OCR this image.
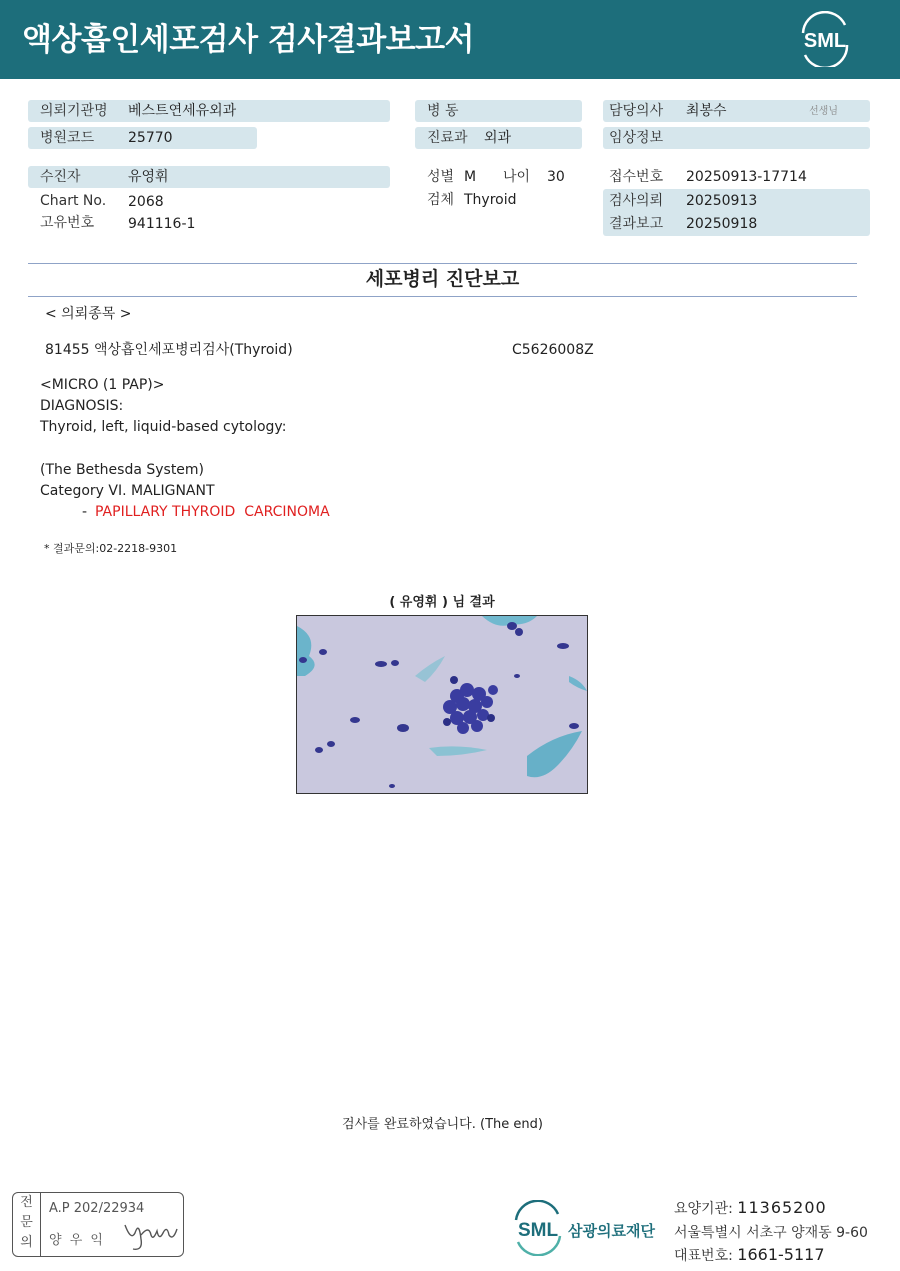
액상흡인세포검사 검사결과보고서	SML
의뢰기관명 베스트연세유외과
병원코드 25770
수진자	유영휘
Chart No. 2068
고유번호 941116-1
병 동
진료과 외과
성별 M 나이 30
검체 Thyroid
담당의사 최봉수	선생님
임상정보
접수번호 20250913-17714
검사의뢰 20250913
결과보고 20250918
세포병리 진단보고
< 의뢰종목 >
81455 액상흡인세포병리검사(Thyroid)	C5626008Z
<MICRO (1 PAP)>
DIAGNOSIS:
Thyroid, left, liquid-based cytology:
(The Bethesda System)
Category VI. MALIGNANT
- PAPILLARY THYROID  CARCINOMA
* 결과문의:02-2218-9301
( 유영휘 ) 님 결과
검사를 완료하였습니다. (The end)
전
문
의
A.P 202/22934
양 우 익	SML 삼광의료재단
요양기관: 11365200
서울특별시 서초구 양재동 9-60
대표번호: 1661-5117
